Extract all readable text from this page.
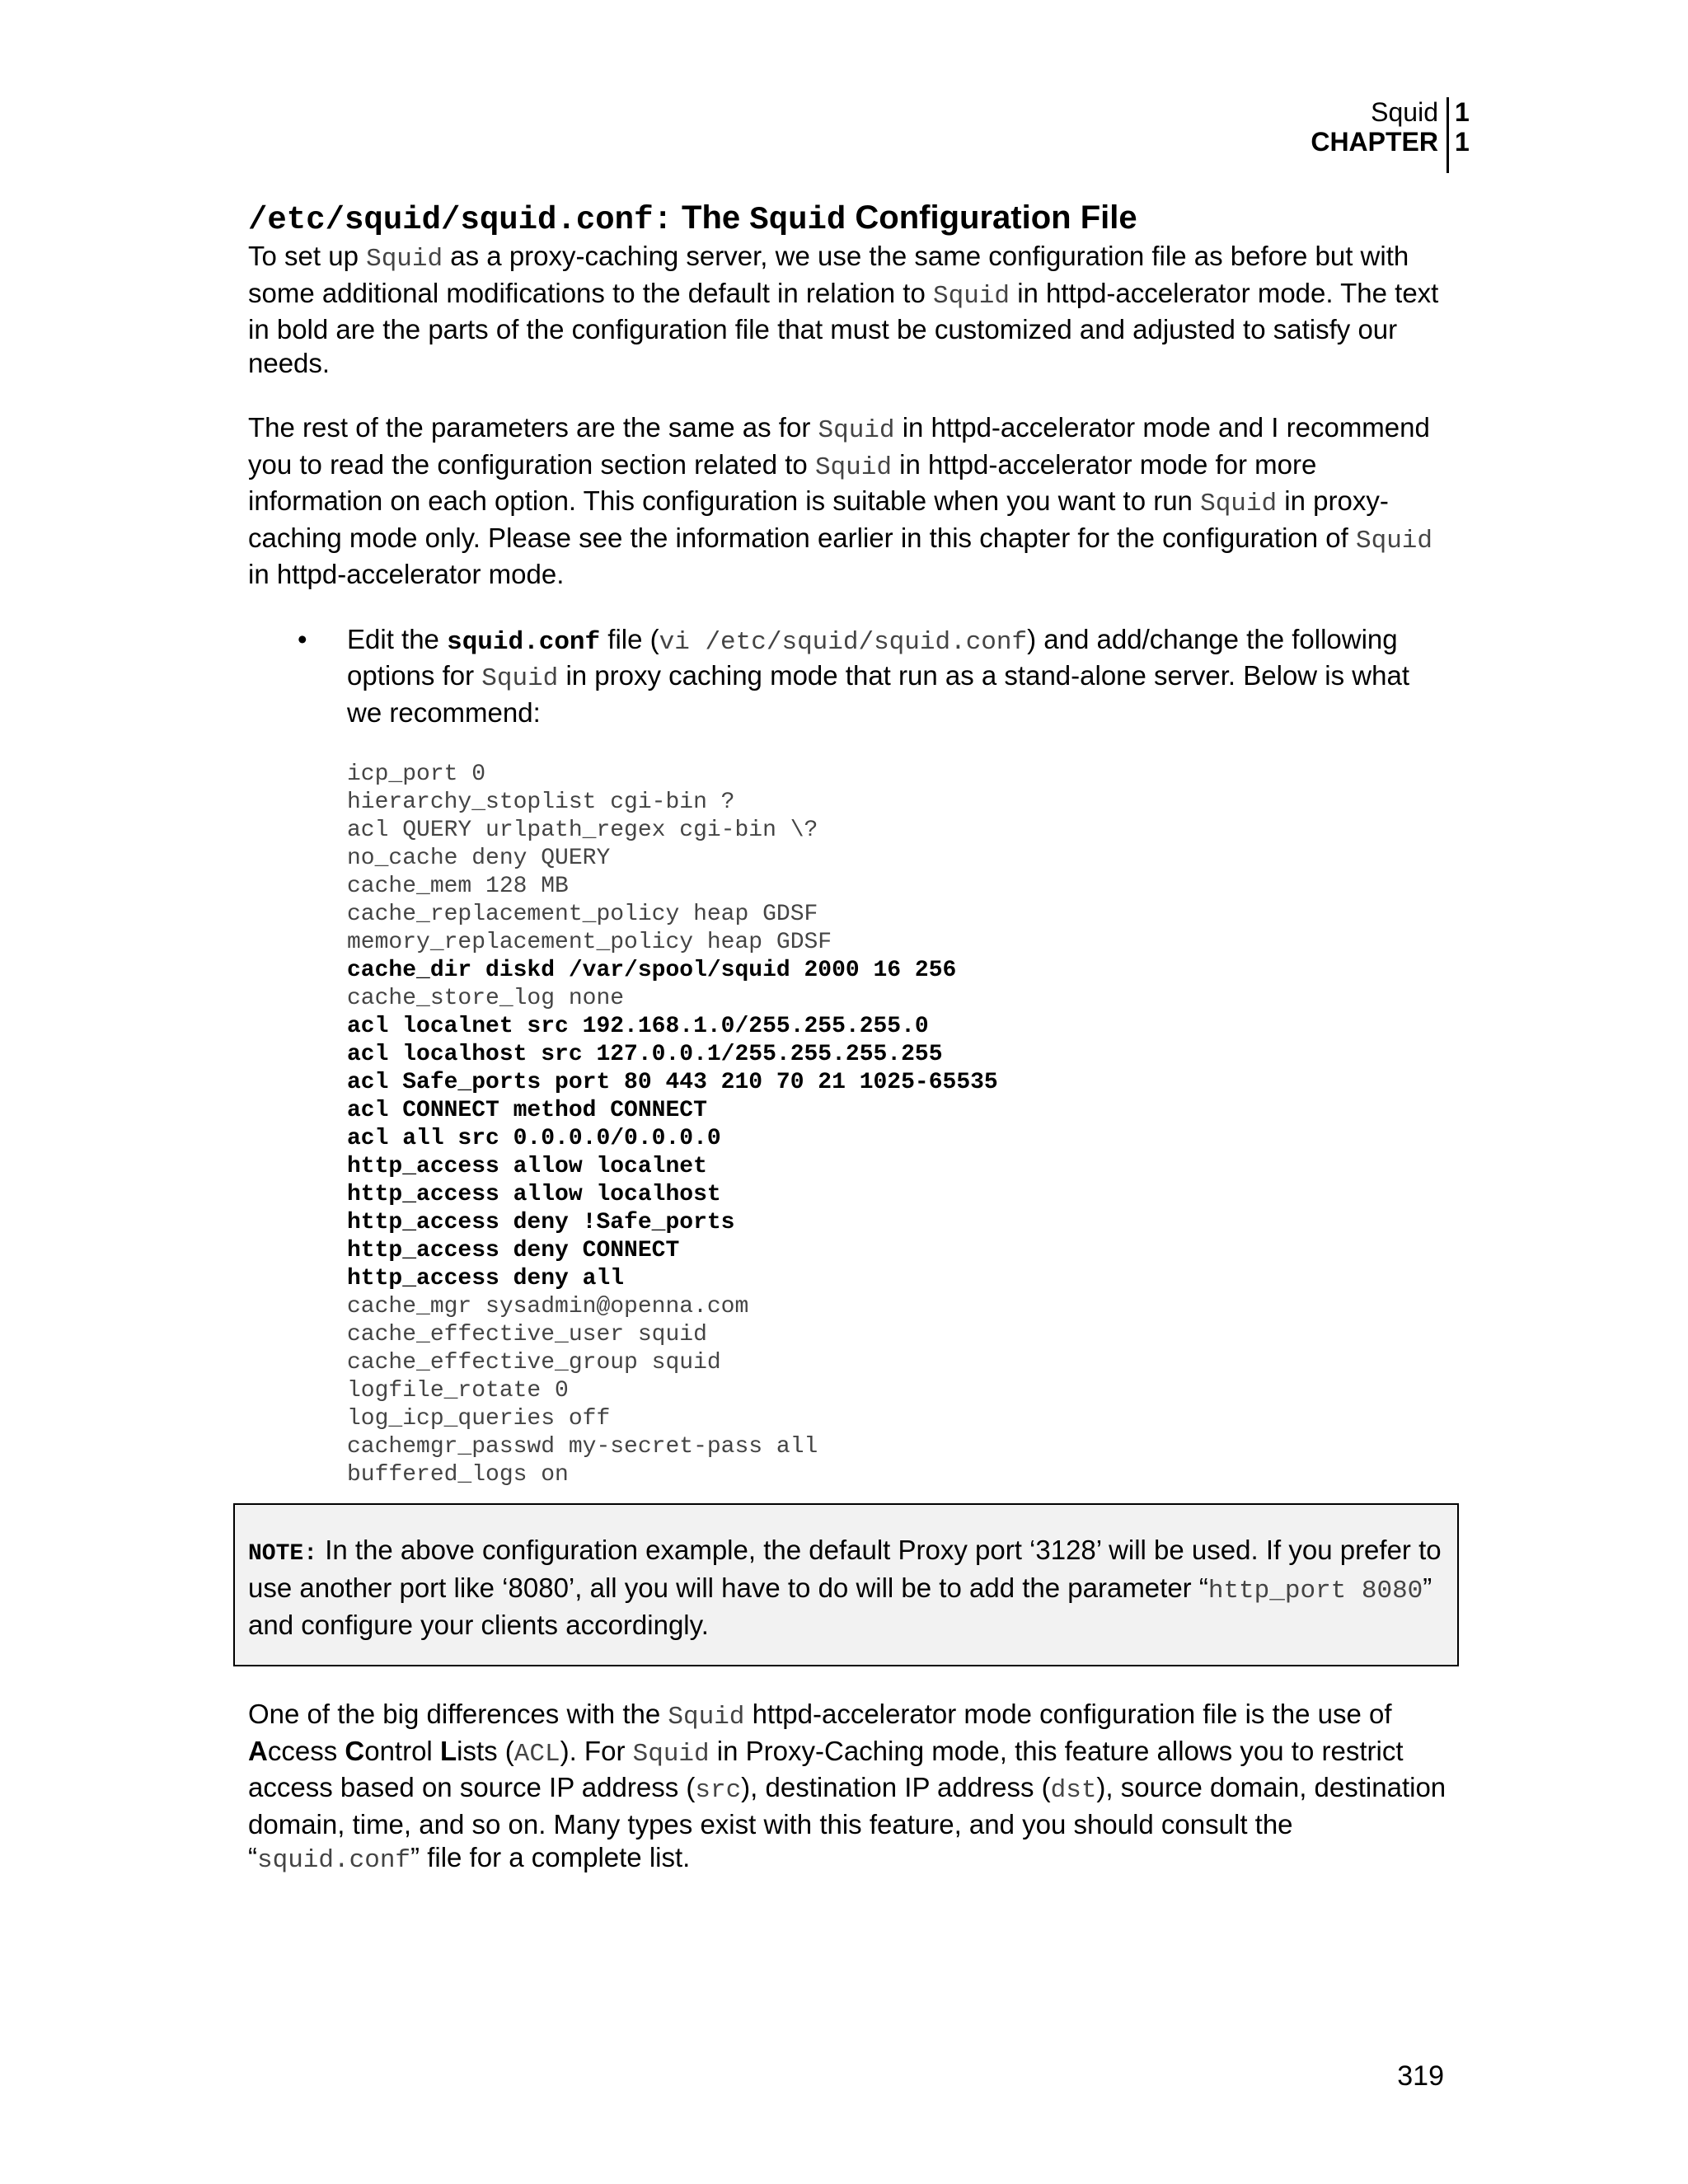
Squid
CHAPTER
1
1
/etc/squid/squid.conf: The Squid Configuration File

To set up Squid as a proxy-caching server, we use the same configuration file as before but with some additional modifications to the default in relation to Squid in httpd-accelerator mode. The text in bold are the parts of the configuration file that must be customized and adjusted to satisfy our needs.

The rest of the parameters are the same as for Squid in httpd-accelerator mode and I recommend you to read the configuration section related to Squid in httpd-accelerator mode for more information on each option. This configuration is suitable when you want to run Squid in proxy-caching mode only. Please see the information earlier in this chapter for the configuration of Squid in httpd-accelerator mode.

• Edit the squid.conf file (vi /etc/squid/squid.conf) and add/change the following options for Squid in proxy caching mode that run as a stand-alone server. Below is what we recommend:
icp_port 0
hierarchy_stoplist cgi-bin ?
acl QUERY urlpath_regex cgi-bin \?
no_cache deny QUERY
cache_mem 128 MB
cache_replacement_policy heap GDSF
memory_replacement_policy heap GDSF
cache_dir diskd /var/spool/squid 2000 16 256
cache_store_log none
acl localnet src 192.168.1.0/255.255.255.0
acl localhost src 127.0.0.1/255.255.255.255
acl Safe_ports port 80 443 210 70 21 1025-65535
acl CONNECT method CONNECT
acl all src 0.0.0.0/0.0.0.0
http_access allow localnet
http_access allow localhost
http_access deny !Safe_ports
http_access deny CONNECT
http_access deny all
cache_mgr sysadmin@openna.com
cache_effective_user squid
cache_effective_group squid
logfile_rotate 0
log_icp_queries off
cachemgr_passwd my-secret-pass all
buffered_logs on

NOTE: In the above configuration example, the default Proxy port ‘3128’ will be used. If you prefer to use another port like ‘8080’, all you will have to do will be to add the parameter “http_port 8080” and configure your clients accordingly.

One of the big differences with the Squid httpd-accelerator mode configuration file is the use of Access Control Lists (ACL). For Squid in Proxy-Caching mode, this feature allows you to restrict access based on source IP address (src), destination IP address (dst), source domain, destination domain, time, and so on. Many types exist with this feature, and you should consult the “squid.conf” file for a complete list.

319
